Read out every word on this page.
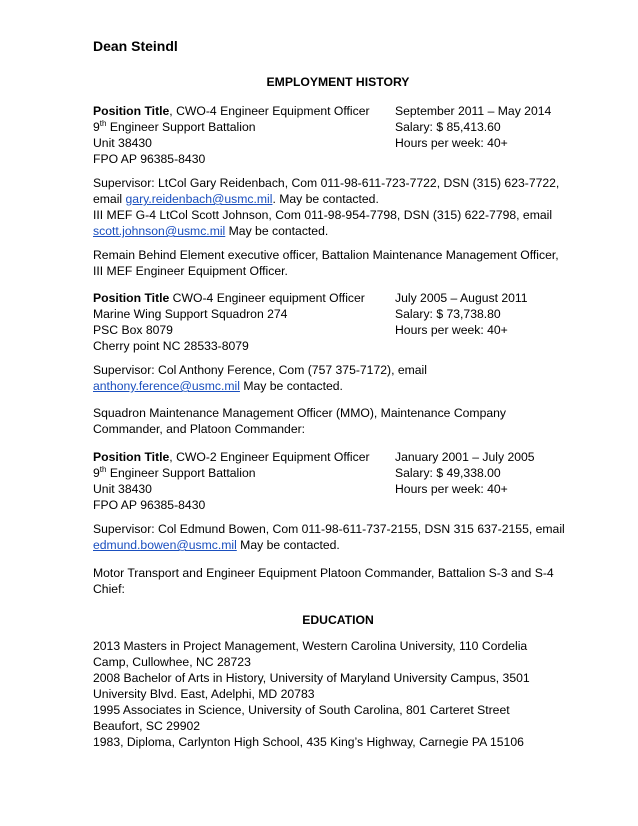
Dean Steindl
EMPLOYMENT HISTORY
Position Title, CWO-4 Engineer Equipment Officer	September 2011 – May 2014
9th Engineer Support Battalion	Salary: $ 85,413.60
Unit 38430	Hours per week: 40+
FPO AP 96385-8430
Supervisor: LtCol Gary Reidenbach, Com 011-98-611-723-7722, DSN (315) 623-7722,
email gary.reidenbach@usmc.mil. May be contacted.
III MEF G-4 LtCol Scott Johnson, Com 011-98-954-7798, DSN (315) 622-7798, email
scott.johnson@usmc.mil May be contacted.
Remain Behind Element executive officer, Battalion Maintenance Management Officer,
III MEF Engineer Equipment Officer.
Position Title CWO-4 Engineer equipment Officer	July 2005 – August 2011
Marine Wing Support Squadron 274	Salary: $ 73,738.80
PSC Box 8079	Hours per week: 40+
Cherry point NC 28533-8079
Supervisor: Col Anthony Ference, Com (757 375-7172), email
anthony.ference@usmc.mil May be contacted.
Squadron Maintenance Management Officer (MMO), Maintenance Company
Commander, and Platoon Commander:
Position Title, CWO-2 Engineer Equipment Officer	January 2001 – July 2005
9th Engineer Support Battalion	Salary: $ 49,338.00
Unit 38430	Hours per week: 40+
FPO AP 96385-8430
Supervisor: Col Edmund Bowen, Com 011-98-611-737-2155, DSN 315 637-2155, email
edmund.bowen@usmc.mil May be contacted.
Motor Transport and Engineer Equipment Platoon Commander, Battalion S-3 and S-4
Chief:
EDUCATION
2013 Masters in Project Management, Western Carolina University, 110 Cordelia
Camp, Cullowhee, NC 28723
2008 Bachelor of Arts in History, University of Maryland University Campus, 3501
University Blvd. East, Adelphi, MD 20783
1995 Associates in Science, University of South Carolina, 801 Carteret Street
Beaufort, SC 29902
1983, Diploma, Carlynton High School, 435 King’s Highway, Carnegie PA 15106
